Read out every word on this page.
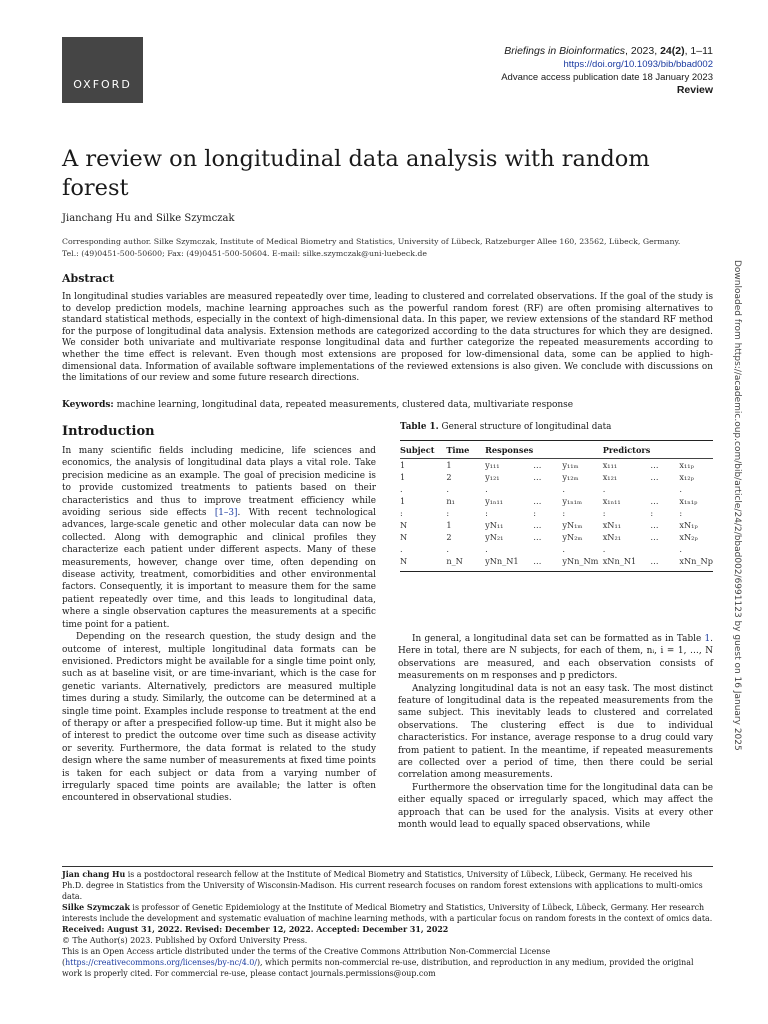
OXFORD
Briefings in Bioinformatics, 2023, 24(2), 1–11
https://doi.org/10.1093/bib/bbad002
Advance access publication date 18 January 2023
Review
A review on longitudinal data analysis with random forest
Jianchang Hu and Silke Szymczak
Corresponding author. Silke Szymczak, Institute of Medical Biometry and Statistics, University of Lübeck, Ratzeburger Allee 160, 23562, Lübeck, Germany.
Tel.: (49)0451-500-50600; Fax: (49)0451-500-50604. E-mail: silke.szymczak@uni-luebeck.de
Abstract
In longitudinal studies variables are measured repeatedly over time, leading to clustered and correlated observations. If the goal of the study is to develop prediction models, machine learning approaches such as the powerful random forest (RF) are often promising alternatives to standard statistical methods, especially in the context of high-dimensional data. In this paper, we review extensions of the standard RF method for the purpose of longitudinal data analysis. Extension methods are categorized according to the data structures for which they are designed. We consider both univariate and multivariate response longitudinal data and further categorize the repeated measurements according to whether the time effect is relevant. Even though most extensions are proposed for low-dimensional data, some can be applied to high-dimensional data. Information of available software implementations of the reviewed extensions is also given. We conclude with discussions on the limitations of our review and some future research directions.
Keywords: machine learning, longitudinal data, repeated measurements, clustered data, multivariate response
Introduction

In many scientific fields including medicine, life sciences and economics, the analysis of longitudinal data plays a vital role. Take precision medicine as an example. The goal of precision medicine is to provide customized treatments to patients based on their characteristics and thus to improve treatment efficiency while avoiding serious side effects [1–3]. With recent technological advances, large-scale genetic and other molecular data can now be collected. Along with demographic and clinical profiles they characterize each patient under different aspects. Many of these measurements, however, change over time, often depending on disease activity, treatment, comorbidities and other environmental factors. Consequently, it is important to measure them for the same patient repeatedly over time, and this leads to longitudinal data, where a single observation captures the measurements at a specific time point for a patient.

Depending on the research question, the study design and the outcome of interest, multiple longitudinal data formats can be envisioned. Predictors might be available for a single time point only, such as at baseline visit, or are time-invariant, which is the case for genetic variants. Alternatively, predictors are measured multiple times during a study. Similarly, the outcome can be determined at a single time point. Examples include response to treatment at the end of therapy or after a prespecified follow-up time. But it might also be of interest to predict the outcome over time such as disease activity or severity. Furthermore, the data format is related to the study design where the same number of measurements at fixed time points is taken for each subject or data from a varying number of irregularly spaced time points are available; the latter is often encountered in observational studies.

Table 1. General structure of longitudinal data
Subject	Time	Responses			Predictors		
1	1	y₁₁₁	…	y₁₁ₘ	x₁₁₁	…	x₁₁ₚ
1	2	y₁₂₁	…	y₁₂ₘ	x₁₂₁	…	x₁₂ₚ
.	.	.		.	.		.
1	n₁	y₁ₙ₁₁	…	y₁ₙ₁ₘ	x₁ₙ₁₁	…	x₁ₙ₁ₚ
:	:	:	:	:	:	:	:
N	1	yN₁₁	…	yN₁ₘ	xN₁₁	…	xN₁ₚ
N	2	yN₂₁	…	yN₂ₘ	xN₂₁	…	xN₂ₚ
.	.	.		.	.		.
N	n_N	yNn_N1	…	yNn_Nm	xNn_N1	…	xNn_Np

In general, a longitudinal data set can be formatted as in Table 1. Here in total, there are N subjects, for each of them, nᵢ, i = 1, …, N observations are measured, and each observation consists of measurements on m responses and p predictors.

Analyzing longitudinal data is not an easy task. The most distinct feature of longitudinal data is the repeated measurements from the same subject. This inevitably leads to clustered and correlated observations. The clustering effect is due to individual characteristics. For instance, average response to a drug could vary from patient to patient. In the meantime, if repeated measurements are collected over a period of time, then there could be serial correlation among measurements.

Furthermore the observation time for the longitudinal data can be either equally spaced or irregularly spaced, which may affect the approach that can be used for the analysis. Visits at every other month would lead to equally spaced observations, while

Downloaded from https://academic.oup.com/bib/article/24/2/bbad002/6991123 by guest on 16 January 2025
Jian chang Hu is a postdoctoral research fellow at the Institute of Medical Biometry and Statistics, University of Lübeck, Lübeck, Germany. He received his Ph.D. degree in Statistics from the University of Wisconsin-Madison. His current research focuses on random forest extensions with applications to multi-omics data.
Silke Szymczak is professor of Genetic Epidemiology at the Institute of Medical Biometry and Statistics, University of Lübeck, Lübeck, Germany. Her research interests include the development and systematic evaluation of machine learning methods, with a particular focus on random forests in the context of omics data.
Received: August 31, 2022. Revised: December 12, 2022. Accepted: December 31, 2022
© The Author(s) 2023. Published by Oxford University Press.
This is an Open Access article distributed under the terms of the Creative Commons Attribution Non-Commercial License (https://creativecommons.org/licenses/by-nc/4.0/), which permits non-commercial re-use, distribution, and reproduction in any medium, provided the original work is properly cited. For commercial re-use, please contact journals.permissions@oup.com
